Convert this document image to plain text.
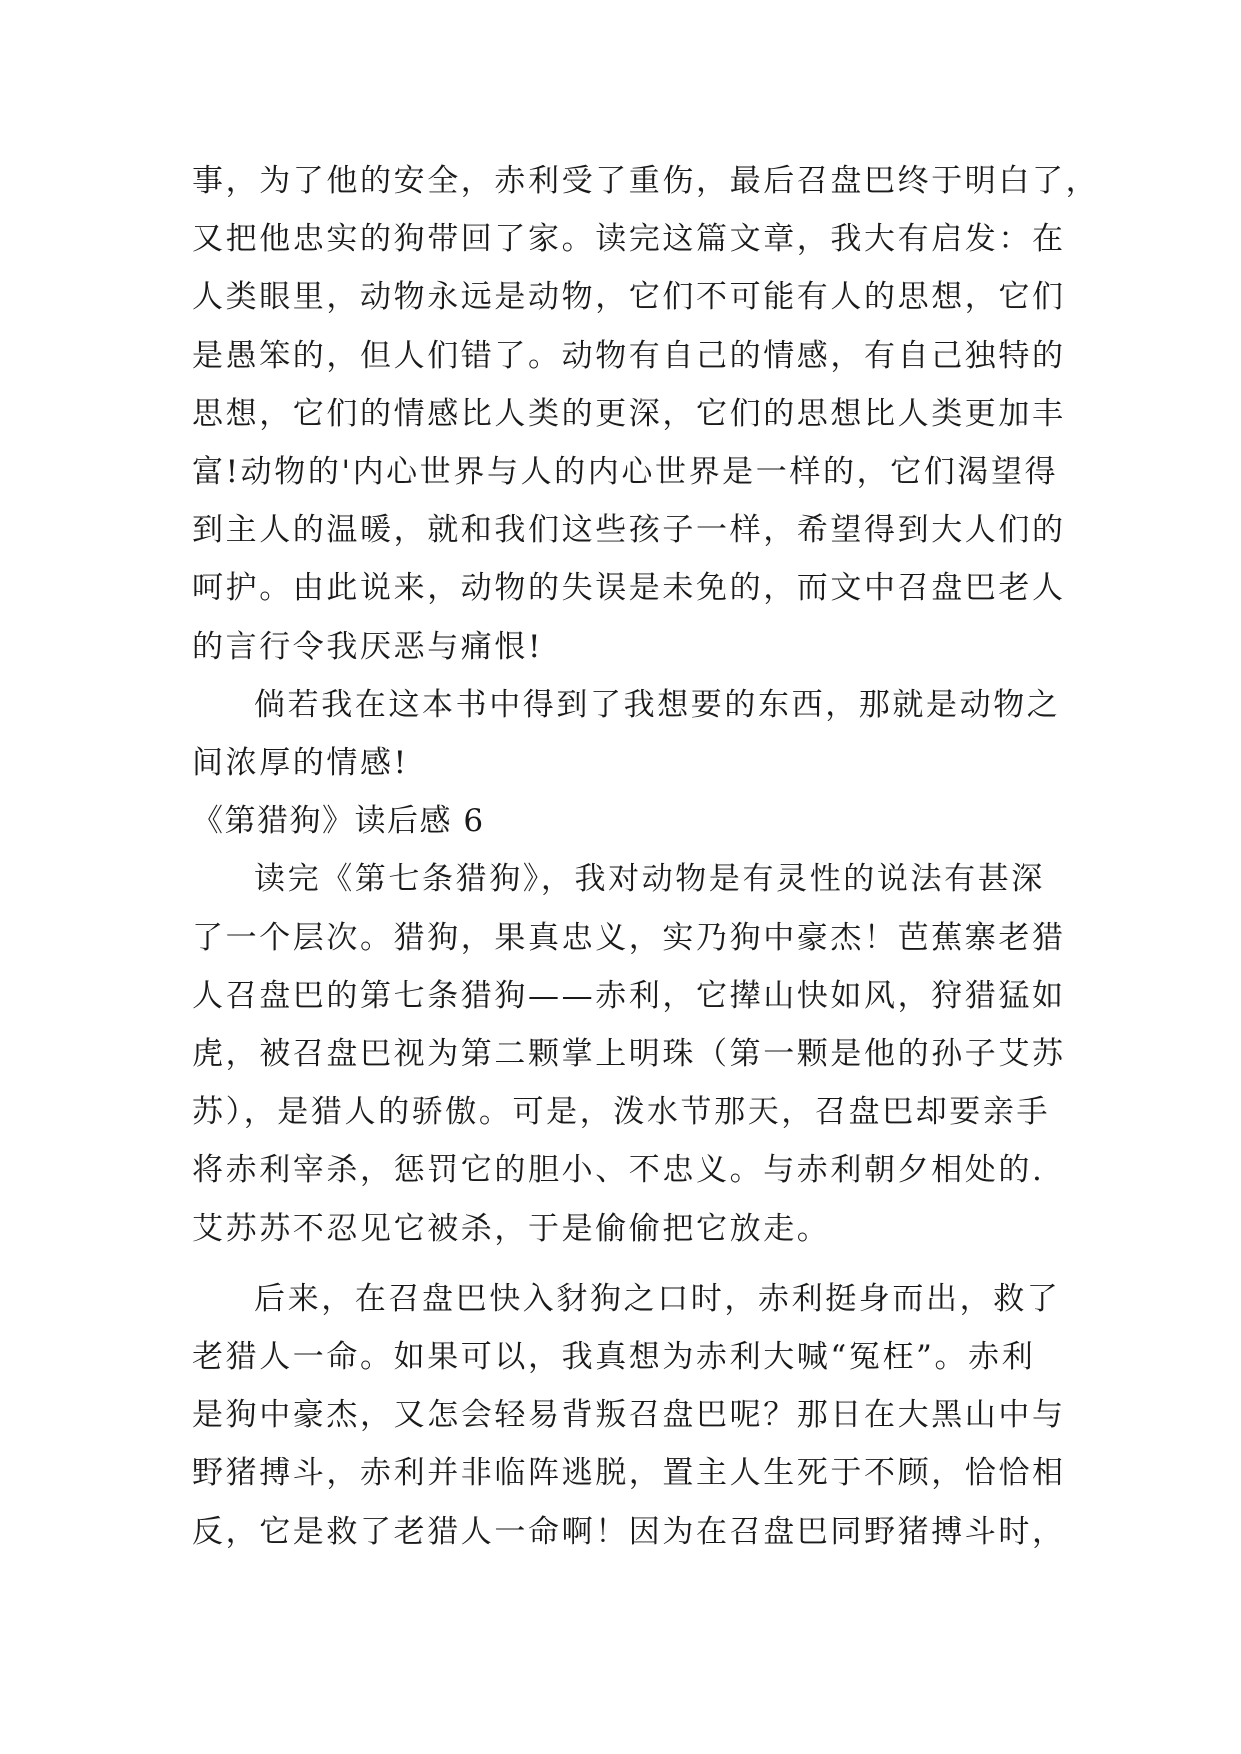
事，为了他的安全，赤利受了重伤，最后召盘巴终于明白了，
又把他忠实的狗带回了家。读完这篇文章，我大有启发：在
人类眼里，动物永远是动物，它们不可能有人的思想，它们
是愚笨的，但人们错了。动物有自己的情感，有自己独特的
思想，它们的情感比人类的更深，它们的思想比人类更加丰
富!动物的'内心世界与人的内心世界是一样的，它们渴望得
到主人的温暖，就和我们这些孩子一样，希望得到大人们的
呵护。由此说来，动物的失误是未免的，而文中召盘巴老人
的言行令我厌恶与痛恨!
倘若我在这本书中得到了我想要的东西，那就是动物之
间浓厚的情感!
《第猎狗》读后感 6
读完《第七条猎狗》，我对动物是有灵性的说法有甚深
了一个层次。猎狗，果真忠义，实乃狗中豪杰！芭蕉寨老猎
人召盘巴的第七条猎狗——赤利，它撵山快如风，狩猎猛如
虎，被召盘巴视为第二颗掌上明珠（第一颗是他的孙子艾苏
苏），是猎人的骄傲。可是，泼水节那天，召盘巴却要亲手
将赤利宰杀，惩罚它的胆小、不忠义。与赤利朝夕相处的.
艾苏苏不忍见它被杀，于是偷偷把它放走。
后来，在召盘巴快入豺狗之口时，赤利挺身而出，救了
老猎人一命。如果可以，我真想为赤利大喊“冤枉”。赤利
是狗中豪杰，又怎会轻易背叛召盘巴呢？那日在大黑山中与
野猪搏斗，赤利并非临阵逃脱，置主人生死于不顾，恰恰相
反，它是救了老猎人一命啊！因为在召盘巴同野猪搏斗时，
